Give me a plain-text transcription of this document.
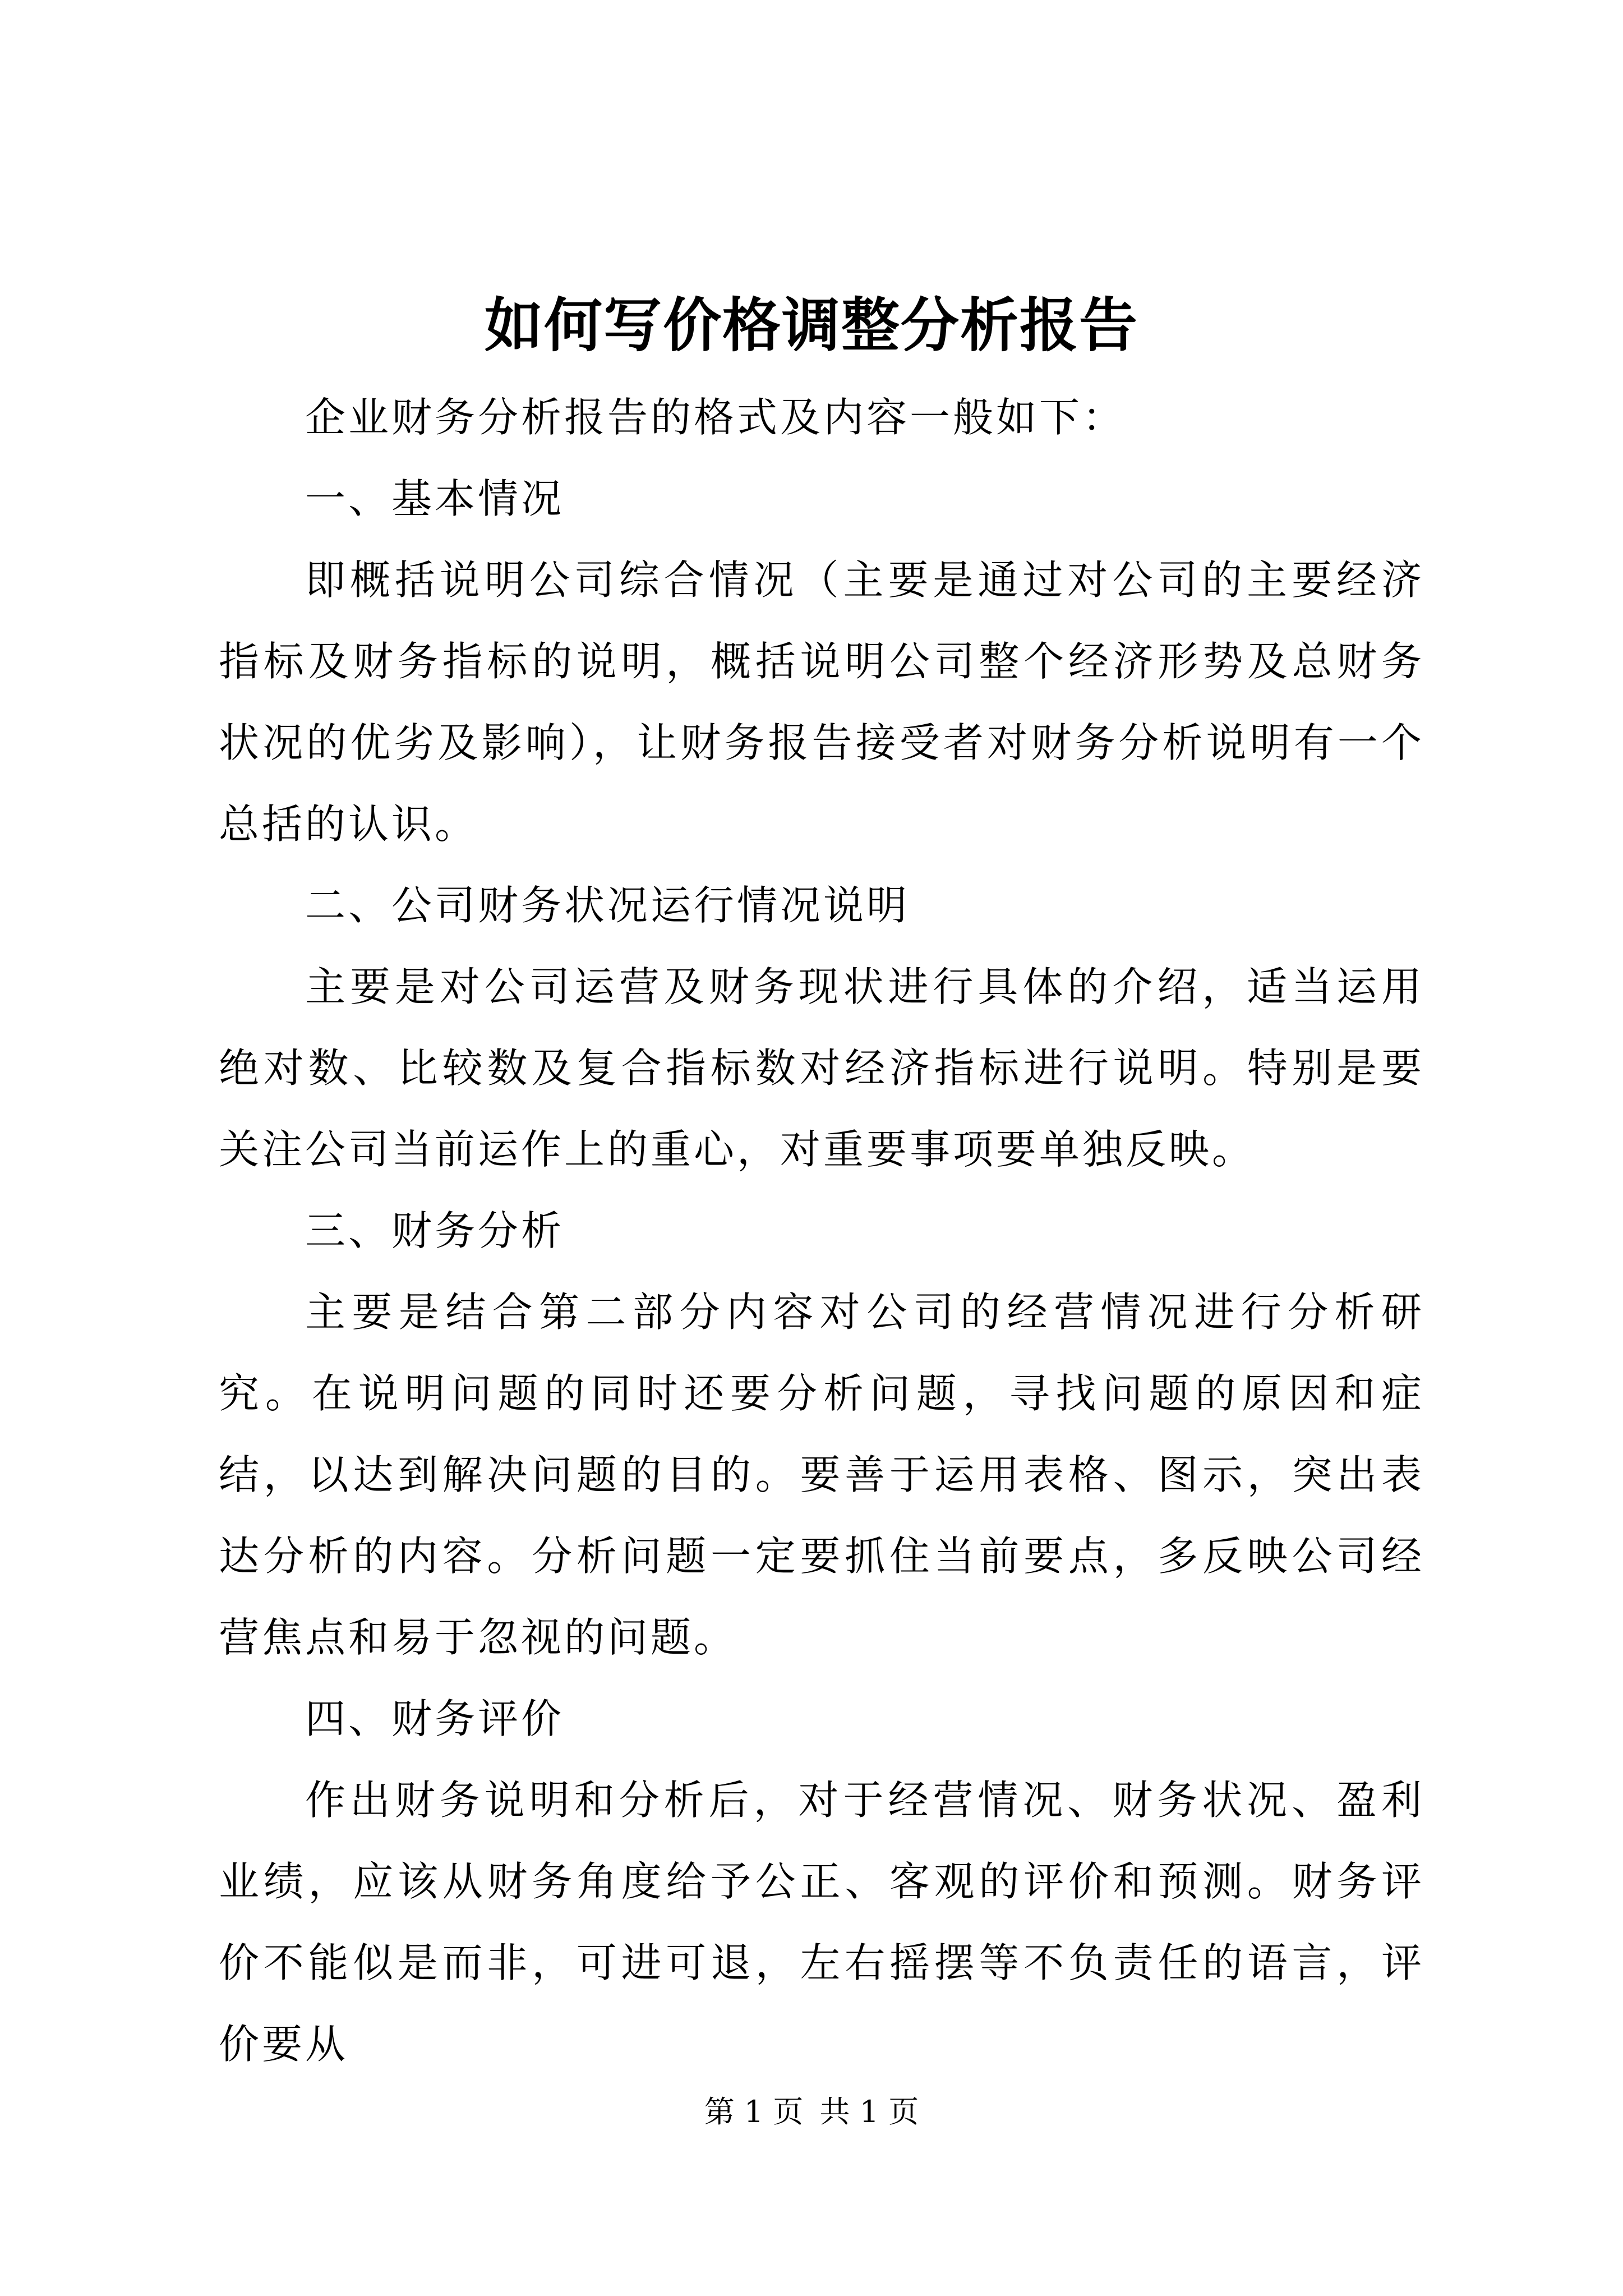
如何写价格调整分析报告

企业财务分析报告的格式及内容一般如下：

一、基本情况

即概括说明公司综合情况（主要是通过对公司的主要经济指标及财务指标的说明，概括说明公司整个经济形势及总财务状况的优劣及影响），让财务报告接受者对财务分析说明有一个总括的认识。

二、公司财务状况运行情况说明

主要是对公司运营及财务现状进行具体的介绍，适当运用绝对数、比较数及复合指标数对经济指标进行说明。特别是要关注公司当前运作上的重心，对重要事项要单独反映。

三、财务分析

主要是结合第二部分内容对公司的经营情况进行分析研究。在说明问题的同时还要分析问题，寻找问题的原因和症结，以达到解决问题的目的。要善于运用表格、图示，突出表达分析的内容。分析问题一定要抓住当前要点，多反映公司经营焦点和易于忽视的问题。

四、财务评价

作出财务说明和分析后，对于经营情况、财务状况、盈利业绩，应该从财务角度给予公正、客观的评价和预测。财务评价不能似是而非，可进可退，左右摇摆等不负责任的语言，评价要从

第 1 页 共 1 页
